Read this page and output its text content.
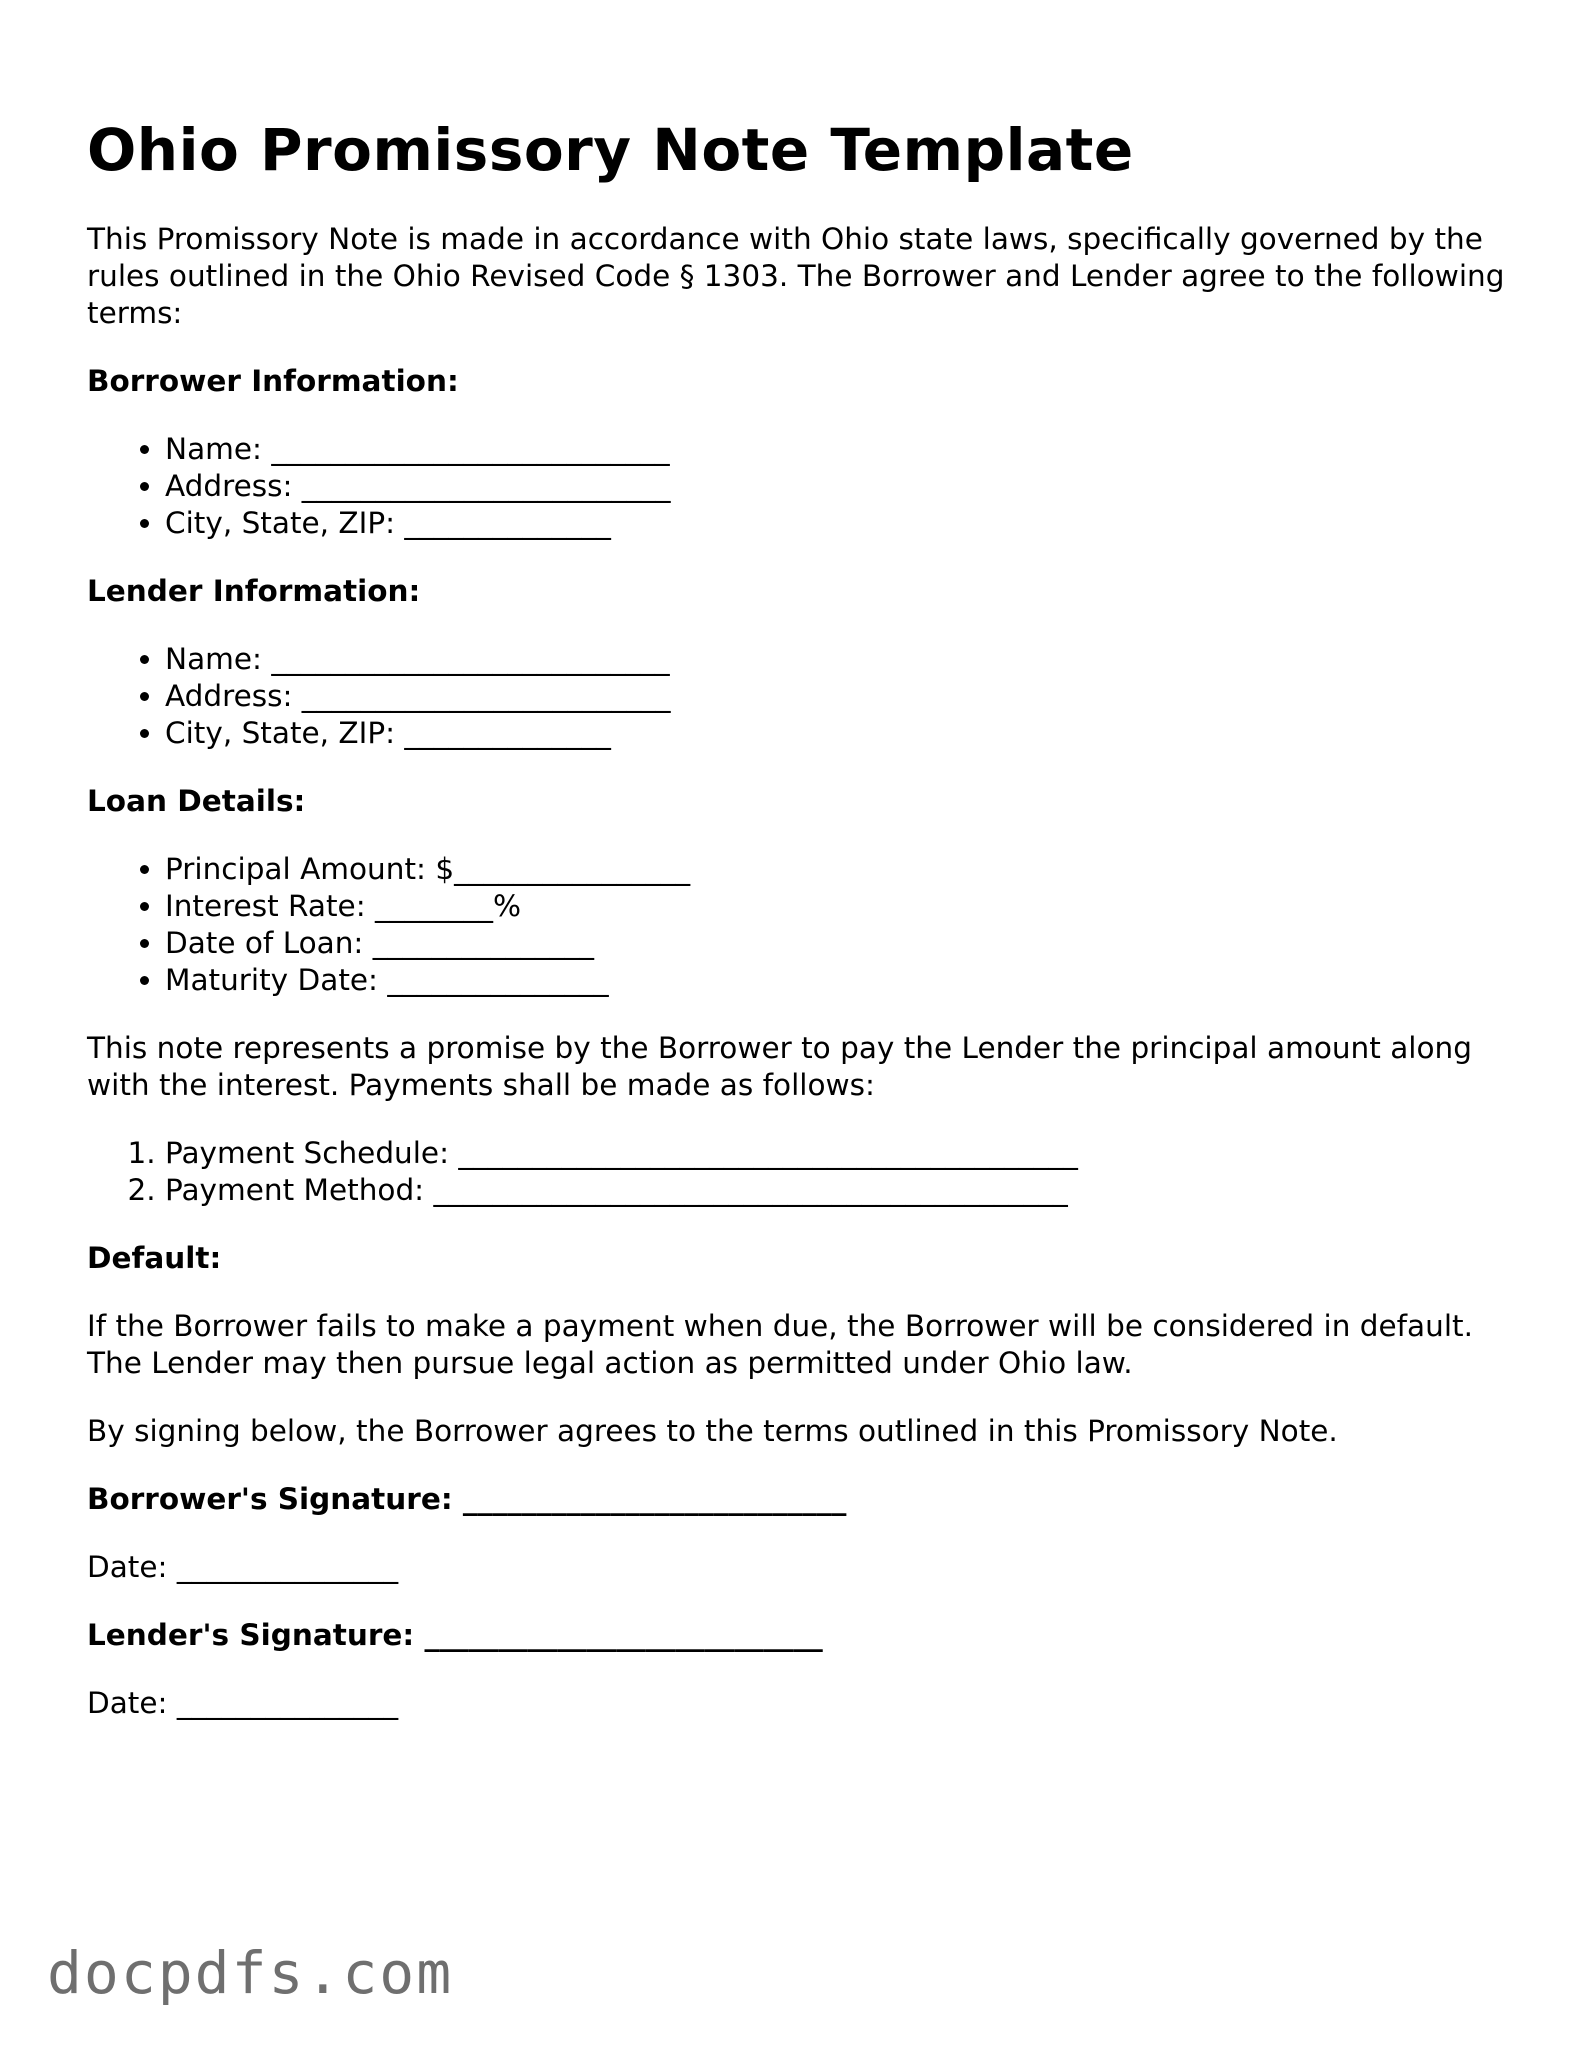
Ohio Promissory Note Template

This Promissory Note is made in accordance with Ohio state laws, specifically governed by the rules outlined in the Ohio Revised Code § 1303. The Borrower and Lender agree to the following terms:

Borrower Information:
• Name: ___________________________
• Address: _________________________
• City, State, ZIP: ______________
Lender Information:
• Name: ___________________________
• Address: _________________________
• City, State, ZIP: ______________
Loan Details:
• Principal Amount: $________________
• Interest Rate: ________%
• Date of Loan: _______________
• Maturity Date: _______________

This note represents a promise by the Borrower to pay the Lender the principal amount along with the interest. Payments shall be made as follows:

1. Payment Schedule: __________________________________________
2. Payment Method: ___________________________________________
Default:

If the Borrower fails to make a payment when due, the Borrower will be considered in default. The Lender may then pursue legal action as permitted under Ohio law.

By signing below, the Borrower agrees to the terms outlined in this Promissory Note.

Borrower's Signature: __________________________

Date: _______________

Lender's Signature: ___________________________

Date: _______________

docpdfs.com
